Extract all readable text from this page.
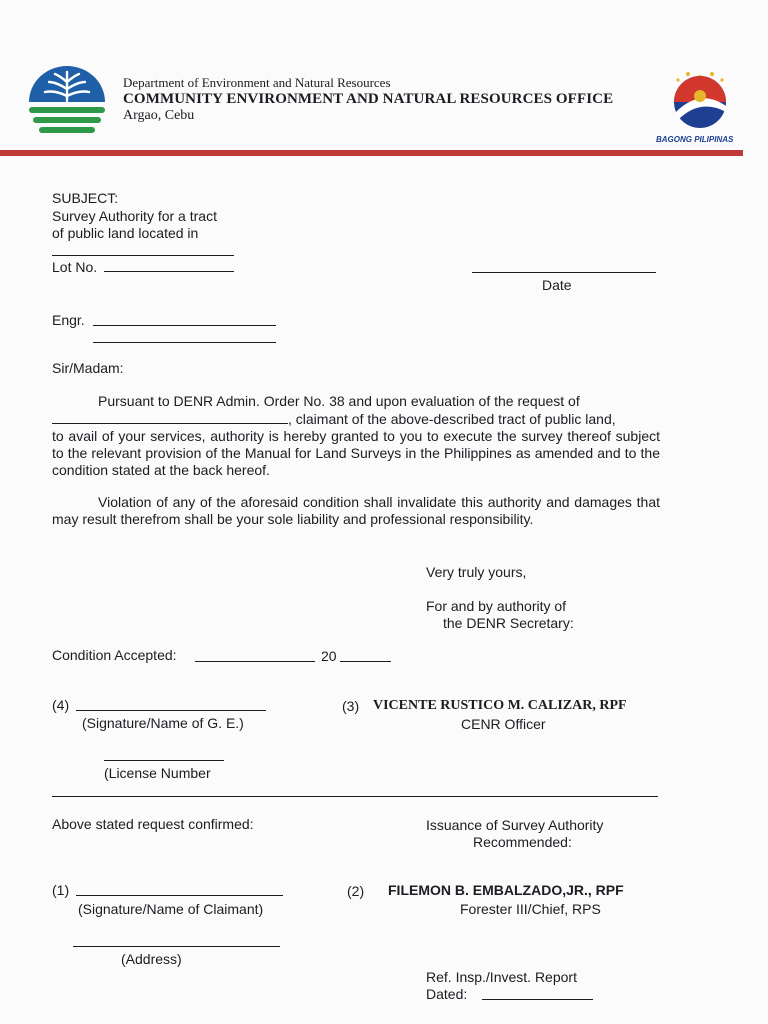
Department of Environment and Natural Resources
COMMUNITY ENVIRONMENT AND NATURAL RESOURCES OFFICE
Argao, Cebu
BAGONG PILIPINAS
SUBJECT:
Survey Authority for a tract
of public land located in
Lot No.
Date
Engr.
Sir/Madam:
Pursuant to DENR Admin. Order No. 38 and upon evaluation of the request of
, claimant of the above-described tract of public land,
to avail of your services, authority is hereby granted to you to execute the survey thereof subject to the relevant provision of the Manual for Land Surveys in the Philippines as amended and to the condition stated at the back hereof.
Violation of any of the aforesaid condition shall invalidate this authority and damages that may result therefrom shall be your sole liability and professional responsibility.
Very truly yours,
For and by authority of
the DENR Secretary:
Condition Accepted:	20
(4)
(Signature/Name of G. E.)
(3) VICENTE RUSTICO M. CALIZAR, RPF
CENR Officer
(License Number
Above stated request confirmed:	Issuance of Survey Authority
Recommended:
(1)
(Signature/Name of Claimant)
(2) FILEMON B. EMBALZADO,JR., RPF
Forester III/Chief, RPS
(Address)
Ref. Insp./Invest. Report
Dated:
